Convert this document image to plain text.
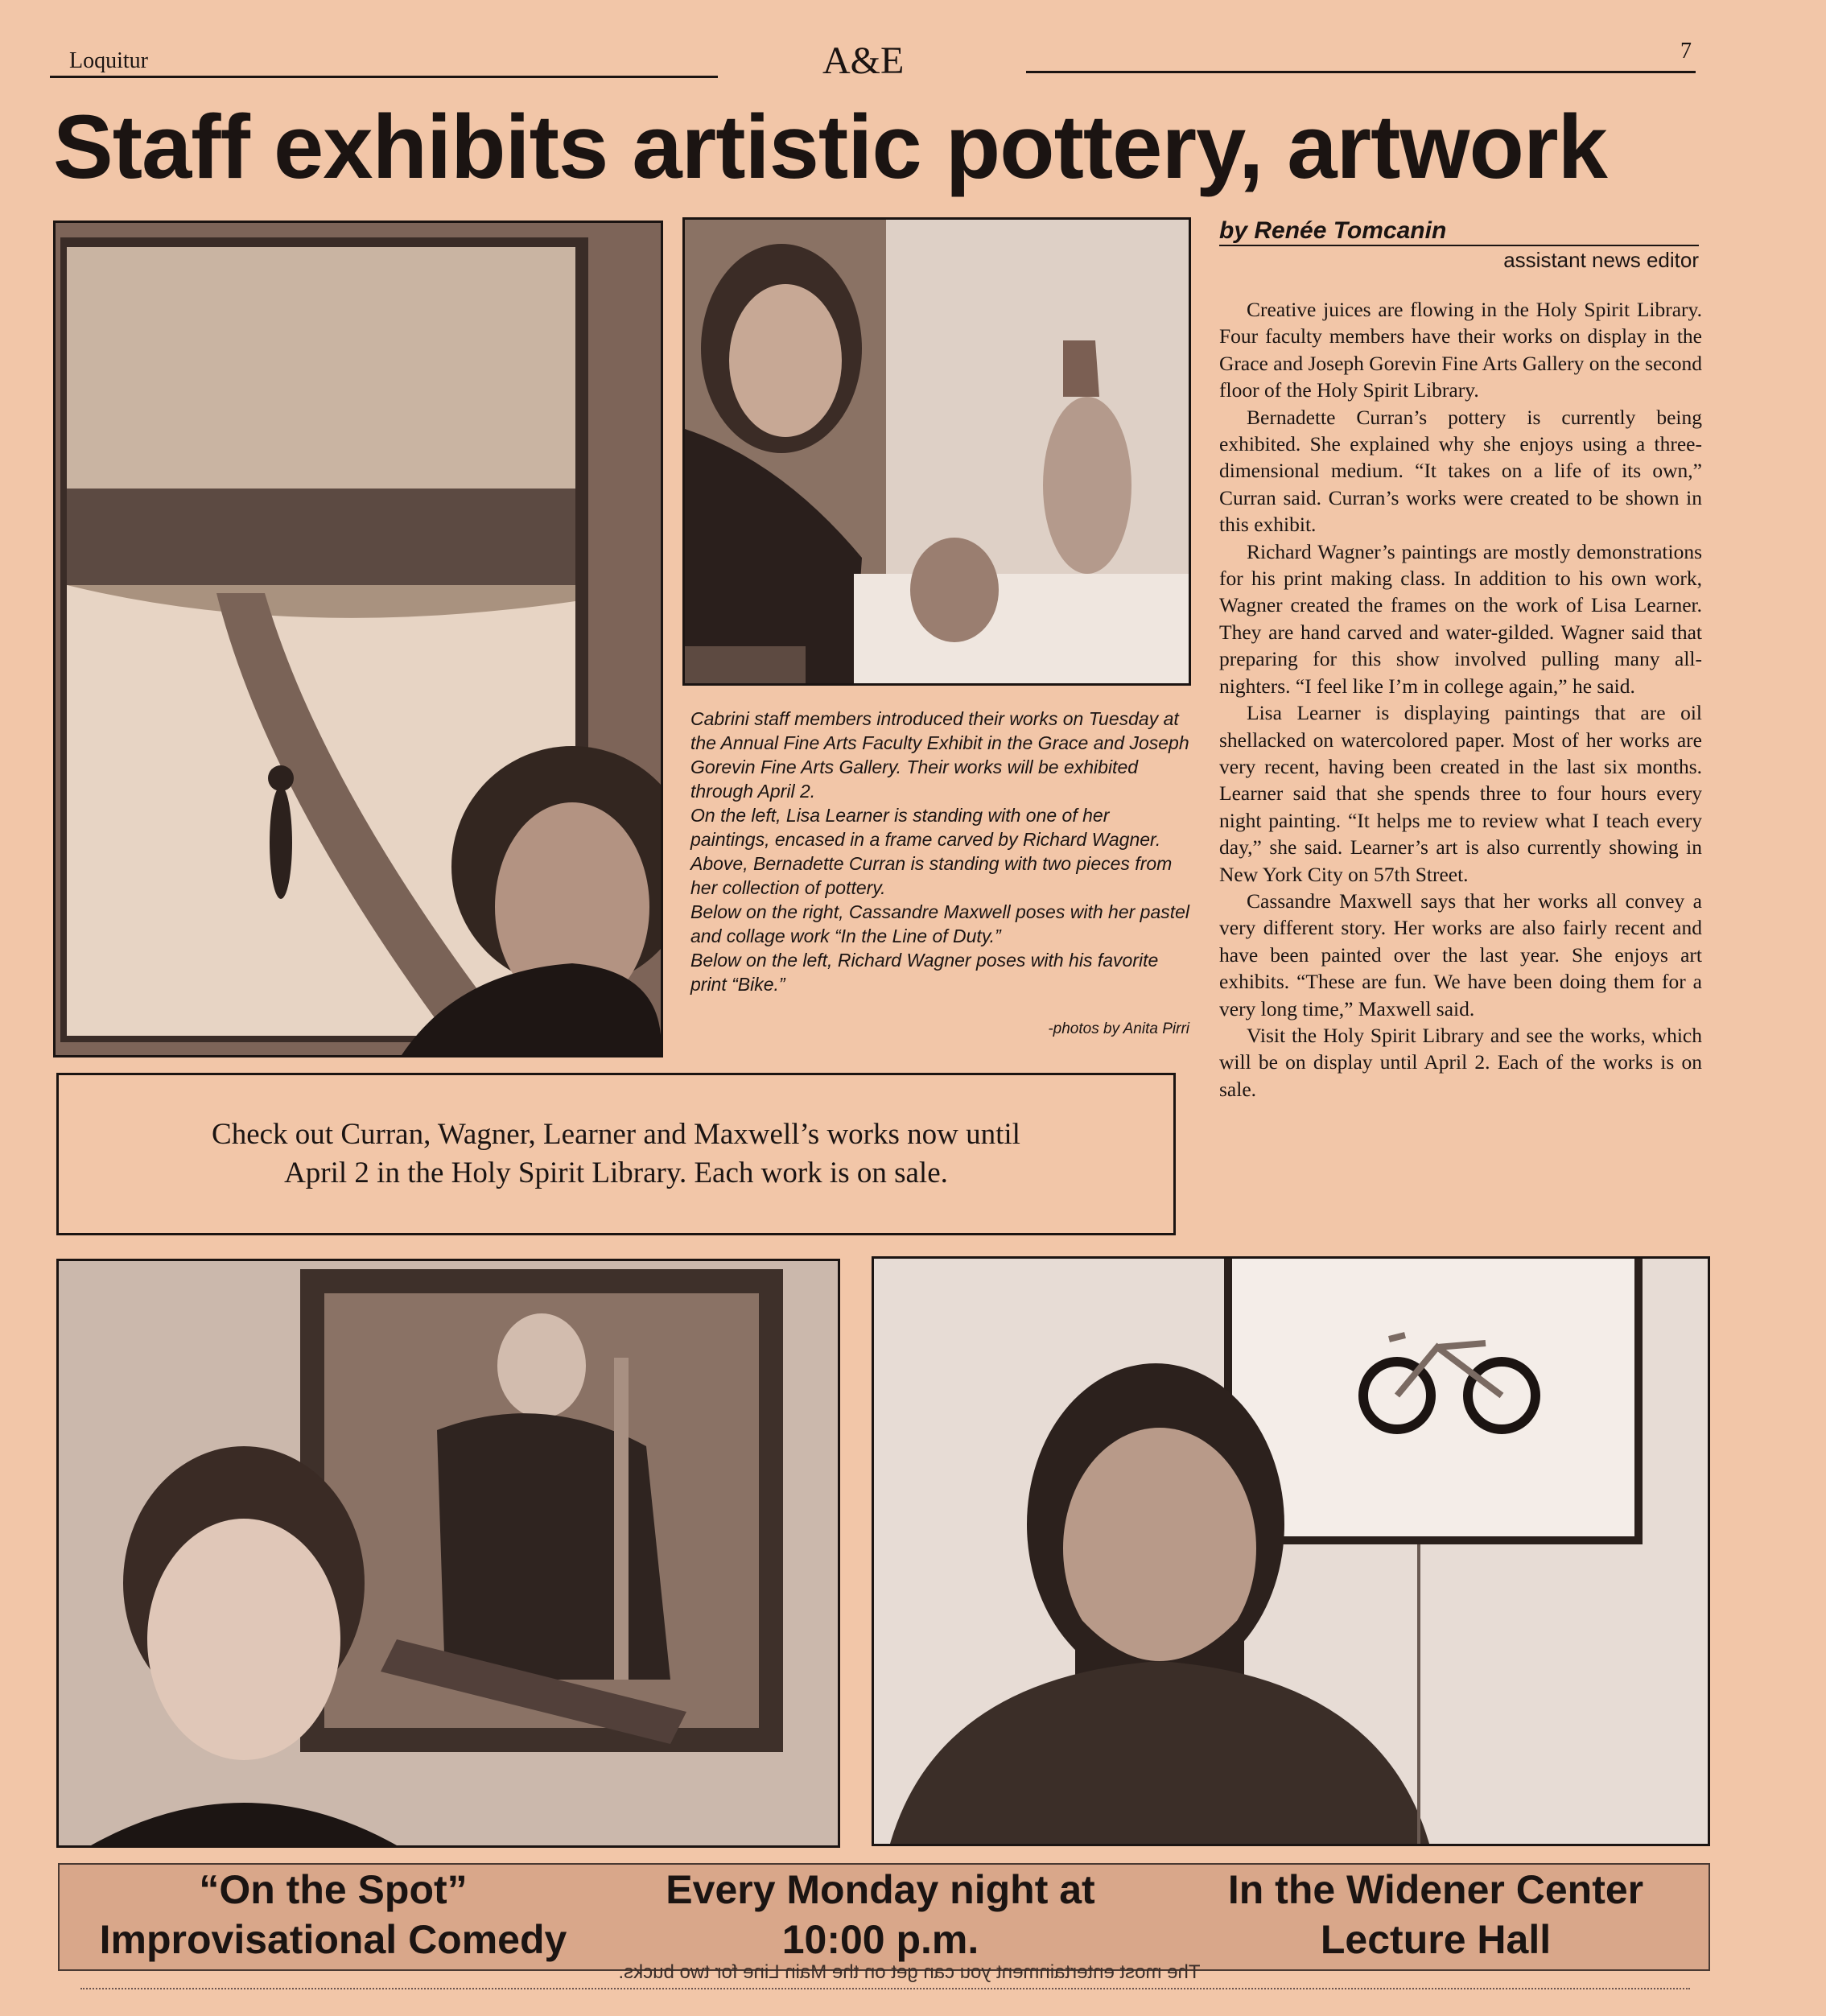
Loquitur	A&E	7
Staff exhibits artistic pottery, artwork
by Renée Tomcanin
assistant news editor

Creative juices are flowing in the Holy Spirit Library. Four faculty members have their works on display in the Grace and Joseph Gorevin Fine Arts Gallery on the second floor of the Holy Spirit Library.

Bernadette Curran’s pottery is currently being exhibited. She explained why she enjoys using a three-dimensional medium. “It takes on a life of its own,” Curran said. Curran’s works were created to be shown in this exhibit.

Richard Wagner’s paintings are mostly demonstrations for his print making class. In addition to his own work, Wagner created the frames on the work of Lisa Learner. They are hand carved and water-gilded. Wagner said that preparing for this show involved pulling many all-nighters. “I feel like I’m in college again,” he said.

Lisa Learner is displaying paintings that are oil shellacked on watercolored paper. Most of her works are very recent, having been created in the last six months. Learner said that she spends three to four hours every night painting. “It helps me to review what I teach every day,” she said. Learner’s art is also currently showing in New York City on 57th Street.

Cassandre Maxwell says that her works all convey a very different story. Her works are also fairly recent and have been painted over the last year. She enjoys art exhibits. “These are fun. We have been doing them for a very long time,” Maxwell said.

Visit the Holy Spirit Library and see the works, which will be on display until April 2. Each of the works is on sale.

Cabrini staff members introduced their works on Tuesday at the Annual Fine Arts Faculty Exhibit in the Grace and Joseph Gorevin Fine Arts Gallery. Their works will be exhibited through April 2.

On the left, Lisa Learner is standing with one of her paintings, encased in a frame carved by Richard Wagner.

Above, Bernadette Curran is standing with two pieces from her collection of pottery.

Below on the right, Cassandre Maxwell poses with her pastel and collage work “In the Line of Duty.”

Below on the left, Richard Wagner poses with his favorite print “Bike.”

-photos by Anita Pirri
Check out Curran, Wagner, Learner and Maxwell’s works now until
April 2 in the Holy Spirit Library. Each work is on sale.
“On the Spot”
Improvisational Comedy
Every Monday night at
10:00 p.m.
In the Widener Center
Lecture Hall
The most entertainment you can get on the Main Line for two bucks.
